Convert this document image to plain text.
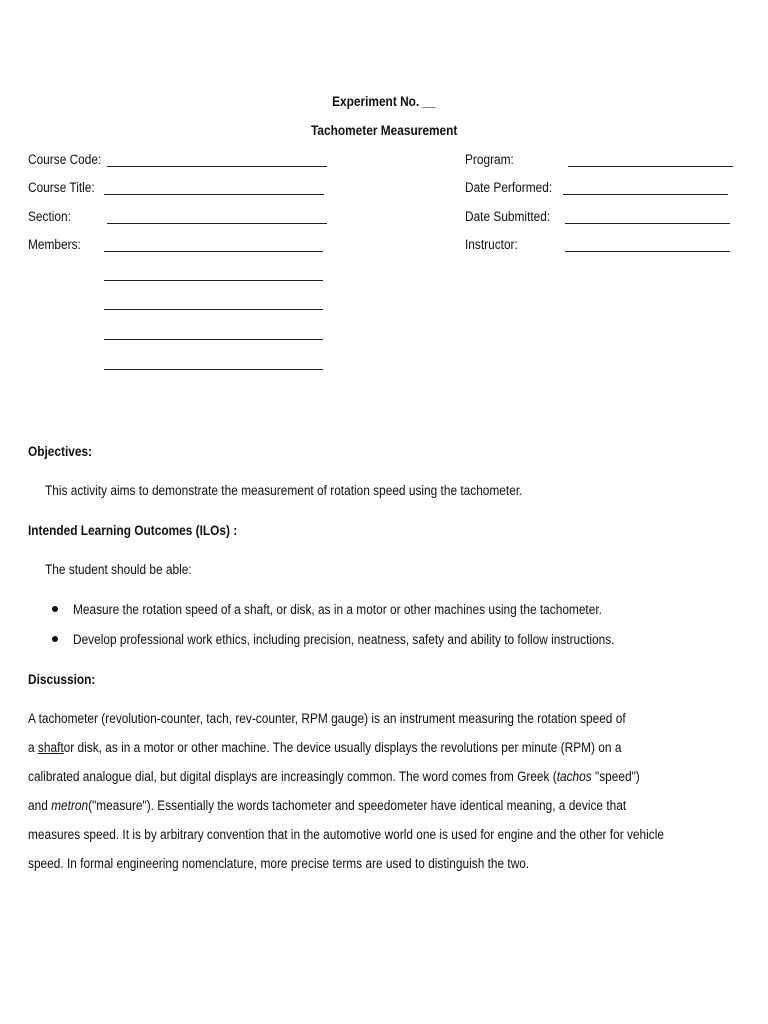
Experiment No. __
Tachometer Measurement
Course Code:
Course Title:
Section:
Members:
Program:
Date Performed:
Date Submitted:
Instructor:
Objectives:
This activity aims to demonstrate the measurement of rotation speed using the tachometer.
Intended Learning Outcomes (ILOs) :
The student should be able:
Measure the rotation speed of a shaft, or disk, as in a motor or other machines using the tachometer.
Develop professional work ethics, including precision, neatness, safety and ability to follow instructions.
Discussion:
A tachometer (revolution-counter, tach, rev-counter, RPM gauge) is an instrument measuring the rotation speed of
a shaftor disk, as in a motor or other machine. The device usually displays the revolutions per minute (RPM) on a
calibrated analogue dial, but digital displays are increasingly common. The word comes from Greek (tachos "speed")
and metron("measure"). Essentially the words tachometer and speedometer have identical meaning, a device that
measures speed. It is by arbitrary convention that in the automotive world one is used for engine and the other for vehicle
speed. In formal engineering nomenclature, more precise terms are used to distinguish the two.
